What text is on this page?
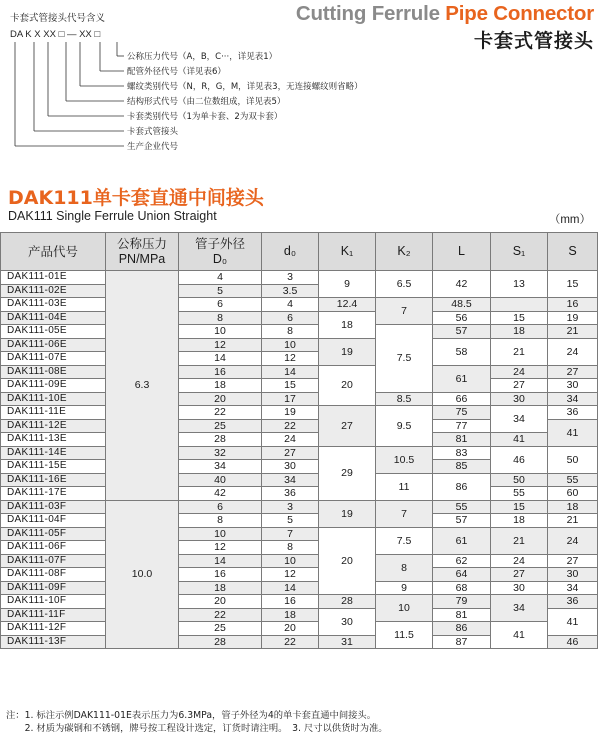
Cutting Ferrule Pipe Connector
卡套式管接头
卡套式管接头代号含义
DA K X XX □ — XX □
公称压力代号（A，B，C···，详见表1）
配管外径代号（详见表6）
螺纹类别代号（N，R，G，M，详见表3，无连接螺纹则省略）
结构形式代号（由二位数组成，详见表5）
卡套类别代号（1为单卡套、2为双卡套）
卡套式管接头
生产企业代号
DAK111单卡套直通中间接头
DAK111 Single Ferrule Union Straight	（mm）
产品代号	公称压力
PN/MPa	管子外径
D₀	d₀	K₁	K₂	L	S₁	S
DAK111-01E	6.3	4	3	9	6.5	42	13	15
DAK111-02E		5	3.5					
DAK111-03E		6	4	12.4	7	48.5		16
DAK111-04E		8	6	18		56	15	19
DAK111-05E		10	8		7.5	57	18	21
DAK111-06E		12	10	19		58	21	24
DAK111-07E		14	12					
DAK111-08E		16	14	20		61	24	27
DAK111-09E		18	15				27	30
DAK111-10E		20	17		8.5	66	30	34
DAK111-11E		22	19	27	9.5	75	34	36
DAK111-12E		25	22			77		41
DAK111-13E		28	24			81	41	
DAK111-14E		32	27	29	10.5	83	46	50
DAK111-15E		34	30			85		
DAK111-16E		40	34		11	86	50	55
DAK111-17E		42	36				55	60
DAK111-03F	10.0	6	3	19	7	55	15	18
DAK111-04F		8	5			57	18	21
DAK111-05F		10	7	20	7.5	61	21	24
DAK111-06F		12	8					
DAK111-07F		14	10		8	62	24	27
DAK111-08F		16	12			64	27	30
DAK111-09F		18	14		9	68	30	34
DAK111-10F		20	16	28	10	79	34	36
DAK111-11F		22	18	30		81		41
DAK111-12F		25	20		11.5	86	41	
DAK111-13F		28	22	31		87		46
注：1. 标注示例DAK111-01E表示压力为6.3MPa，管子外径为4的单卡套直通中间接头。
　　2. 材质为碳钢和不锈钢，牌号按工程设计选定，订货时请注明。　3. 尺寸以供货时为准。
